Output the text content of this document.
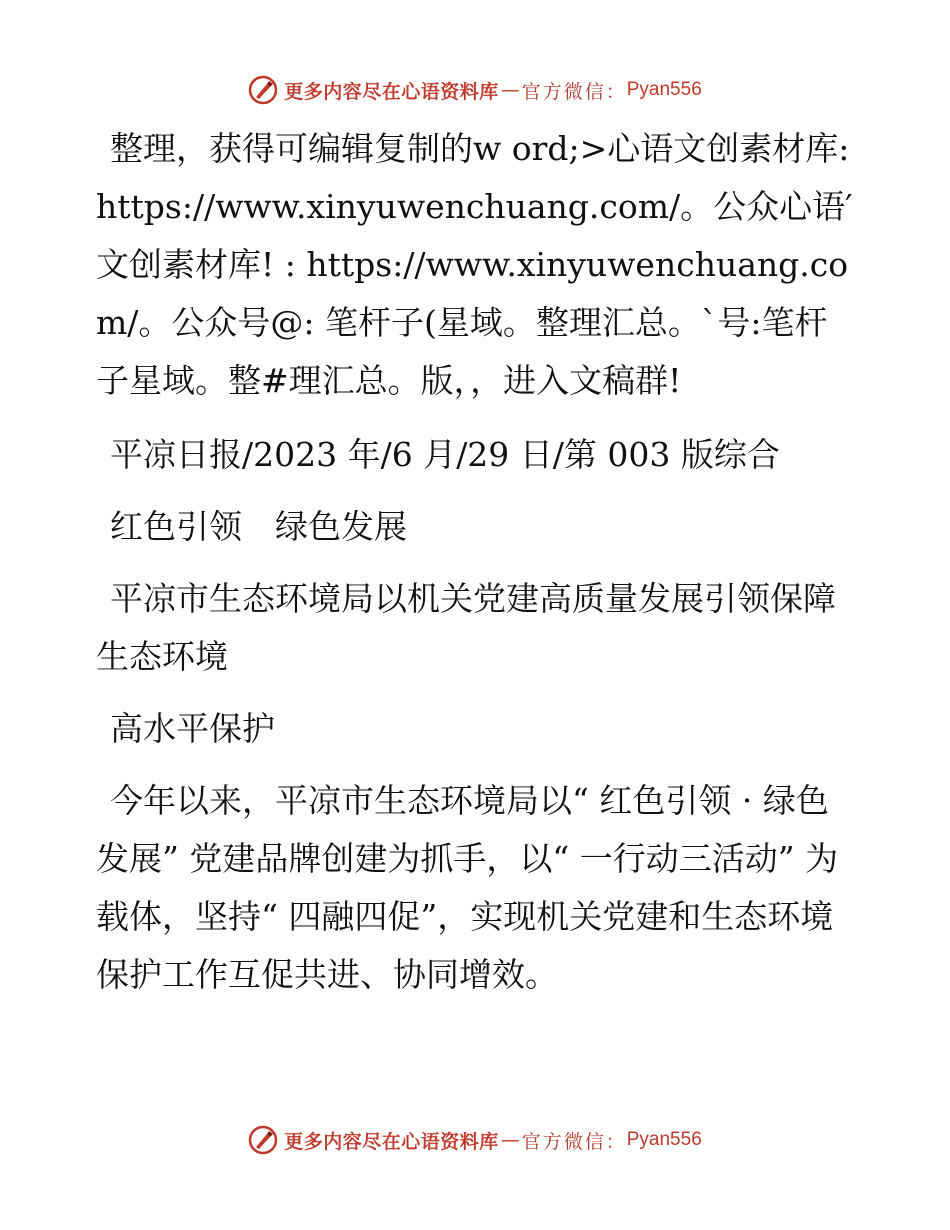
更多内容尽在心语资料库 — 官方微信： Pyan556

整理，获得可编辑复制的w ord;>心语文创素材库: https://www.xinyuwenchuang.com/。公众心语′文创素材库! : https://www.xinyuwenchuang.com/。公众号@: 笔杆子(星域。整理汇总。`号:笔杆子星域。整#理汇总。版，，进入文稿群!

平凉日报/2023 年/6 月/29 日/第 003 版综合

红色引领　绿色发展

平凉市生态环境局以机关党建高质量发展引领保障生态环境

高水平保护

今年以来，平凉市生态环境局以“ 红色引领 · 绿色发展” 党建品牌创建为抓手，以“ 一行动三活动” 为载体，坚持“ 四融四促”，实现机关党建和生态环境保护工作互促共进、协同增效。

更多内容尽在心语资料库 — 官方微信： Pyan556
